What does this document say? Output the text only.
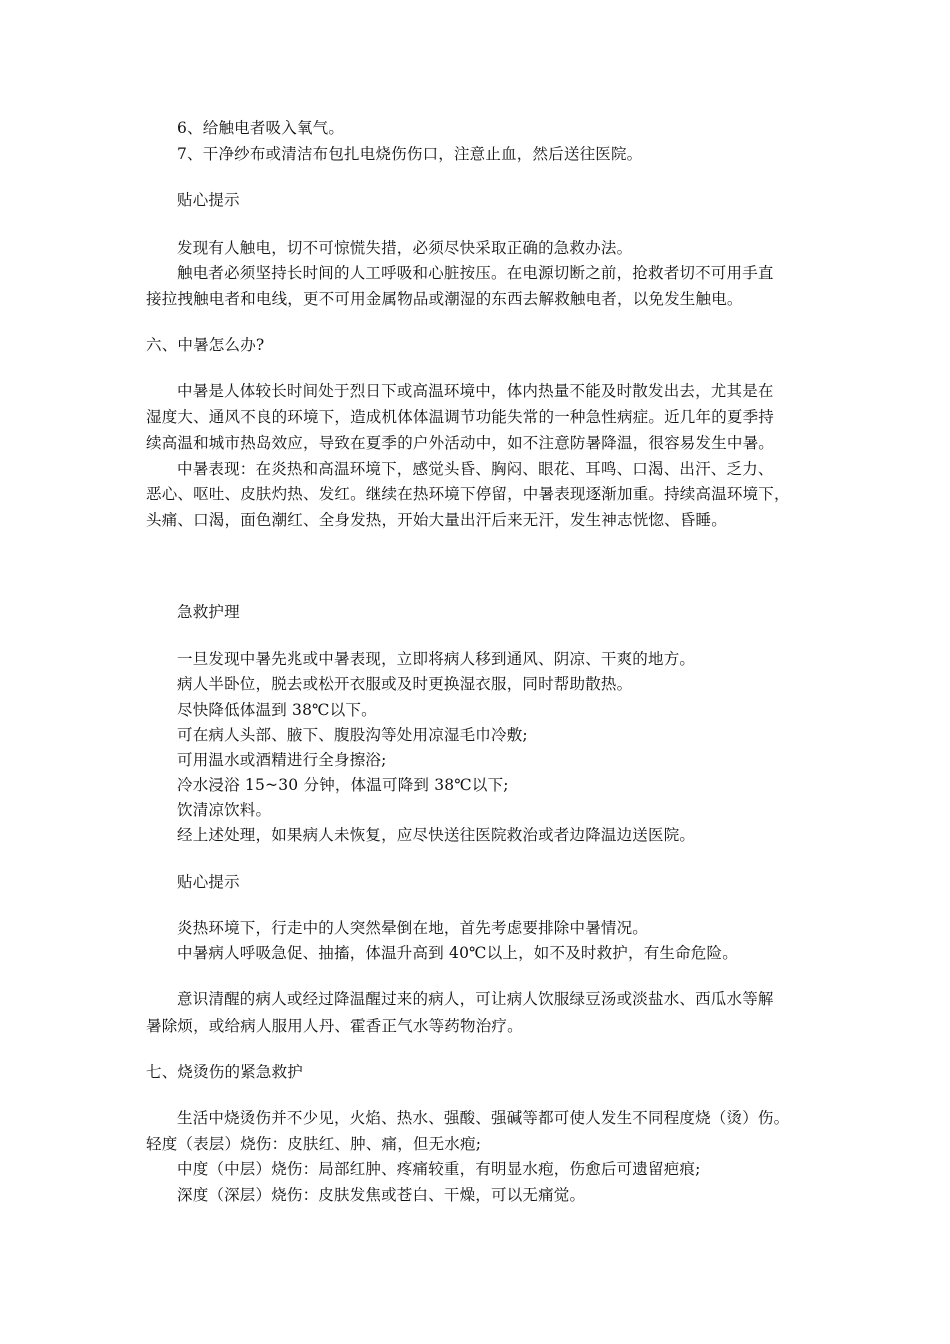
6、给触电者吸入氧气。
7、干净纱布或清洁布包扎电烧伤伤口，注意止血，然后送往医院。
贴心提示
发现有人触电，切不可惊慌失措，必须尽快采取正确的急救办法。
触电者必须坚持长时间的人工呼吸和心脏按压。在电源切断之前，抢救者切不可用手直
接拉拽触电者和电线，更不可用金属物品或潮湿的东西去解救触电者，以免发生触电。
六、中暑怎么办?
中暑是人体较长时间处于烈日下或高温环境中，体内热量不能及时散发出去，尤其是在
湿度大、通风不良的环境下，造成机体体温调节功能失常的一种急性病症。近几年的夏季持
续高温和城市热岛效应，导致在夏季的户外活动中，如不注意防暑降温，很容易发生中暑。
中暑表现：在炎热和高温环境下，感觉头昏、胸闷、眼花、耳鸣、口渴、出汗、乏力、
恶心、呕吐、皮肤灼热、发红。继续在热环境下停留，中暑表现逐渐加重。持续高温环境下，
头痛、口渴，面色潮红、全身发热，开始大量出汗后来无汗，发生神志恍惚、昏睡。
急救护理
一旦发现中暑先兆或中暑表现，立即将病人移到通风、阴凉、干爽的地方。
病人半卧位，脱去或松开衣服或及时更换湿衣服，同时帮助散热。
尽快降低体温到 38℃以下。
可在病人头部、腋下、腹股沟等处用凉湿毛巾冷敷;
可用温水或酒精进行全身擦浴;
冷水浸浴 15~30 分钟，体温可降到 38℃以下;
饮清凉饮料。
经上述处理，如果病人未恢复，应尽快送往医院救治或者边降温边送医院。
贴心提示
炎热环境下，行走中的人突然晕倒在地，首先考虑要排除中暑情况。
中暑病人呼吸急促、抽搐，体温升高到 40℃以上，如不及时救护，有生命危险。
意识清醒的病人或经过降温醒过来的病人，可让病人饮服绿豆汤或淡盐水、西瓜水等解
暑除烦，或给病人服用人丹、霍香正气水等药物治疗。
七、烧烫伤的紧急救护
生活中烧烫伤并不少见，火焰、热水、强酸、强碱等都可使人发生不同程度烧（烫）伤。
轻度（表层）烧伤：皮肤红、肿、痛，但无水疱;
中度（中层）烧伤：局部红肿、疼痛较重，有明显水疱，伤愈后可遗留疤痕;
深度（深层）烧伤：皮肤发焦或苍白、干燥，可以无痛觉。
